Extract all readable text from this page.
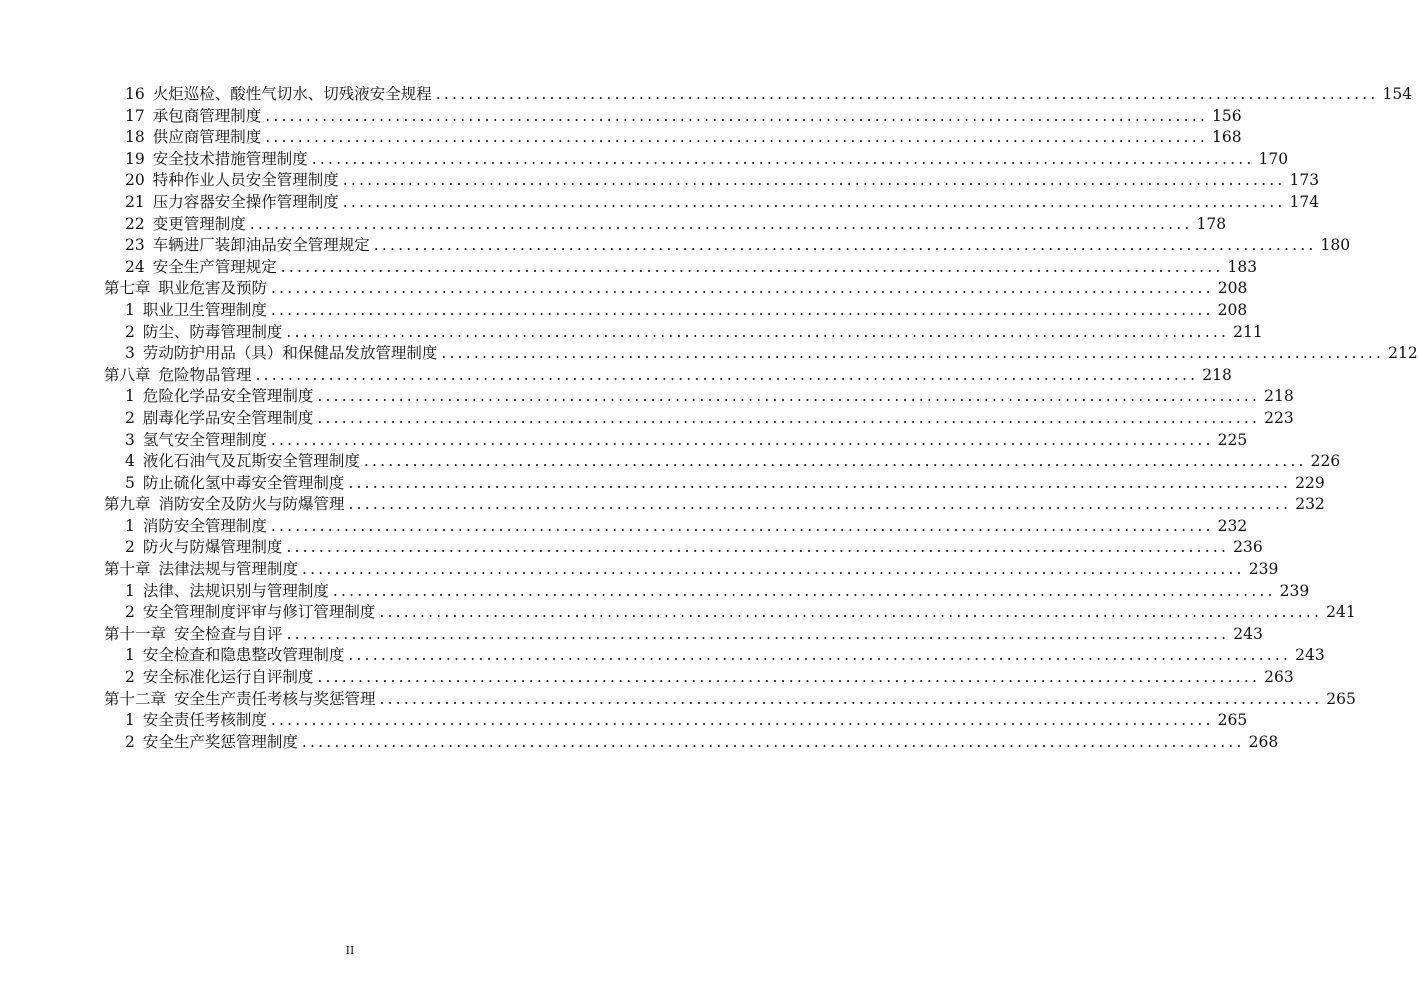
16 火炬巡检、酸性气切水、切残液安全规程 .................................................................................................................... 154
17 承包商管理制度 .................................................................................................................... 156
18 供应商管理制度 .................................................................................................................... 168
19 安全技术措施管理制度 .................................................................................................................... 170
20 特种作业人员安全管理制度 .................................................................................................................... 173
21 压力容器安全操作管理制度 .................................................................................................................... 174
22 变更管理制度 .................................................................................................................... 178
23 车辆进厂装卸油品安全管理规定 .................................................................................................................... 180
24 安全生产管理规定 .................................................................................................................... 183
第七章 职业危害及预防 .................................................................................................................... 208
1 职业卫生管理制度 .................................................................................................................... 208
2 防尘、防毒管理制度 .................................................................................................................... 211
3 劳动防护用品（具）和保健品发放管理制度 .................................................................................................................... 212
第八章 危险物品管理 .................................................................................................................... 218
1 危险化学品安全管理制度 .................................................................................................................... 218
2 剧毒化学品安全管理制度 .................................................................................................................... 223
3 氢气安全管理制度 .................................................................................................................... 225
4 液化石油气及瓦斯安全管理制度 .................................................................................................................... 226
5 防止硫化氢中毒安全管理制度 .................................................................................................................... 229
第九章 消防安全及防火与防爆管理 .................................................................................................................... 232
1 消防安全管理制度 .................................................................................................................... 232
2 防火与防爆管理制度 .................................................................................................................... 236
第十章 法律法规与管理制度 .................................................................................................................... 239
1 法律、法规识别与管理制度 .................................................................................................................... 239
2 安全管理制度评审与修订管理制度 .................................................................................................................... 241
第十一章 安全检查与自评 .................................................................................................................... 243
1 安全检查和隐患整改管理制度 .................................................................................................................... 243
2 安全标准化运行自评制度 .................................................................................................................... 263
第十二章 安全生产责任考核与奖惩管理 .................................................................................................................... 265
1 安全责任考核制度 .................................................................................................................... 265
2 安全生产奖惩管理制度 .................................................................................................................... 268
II
